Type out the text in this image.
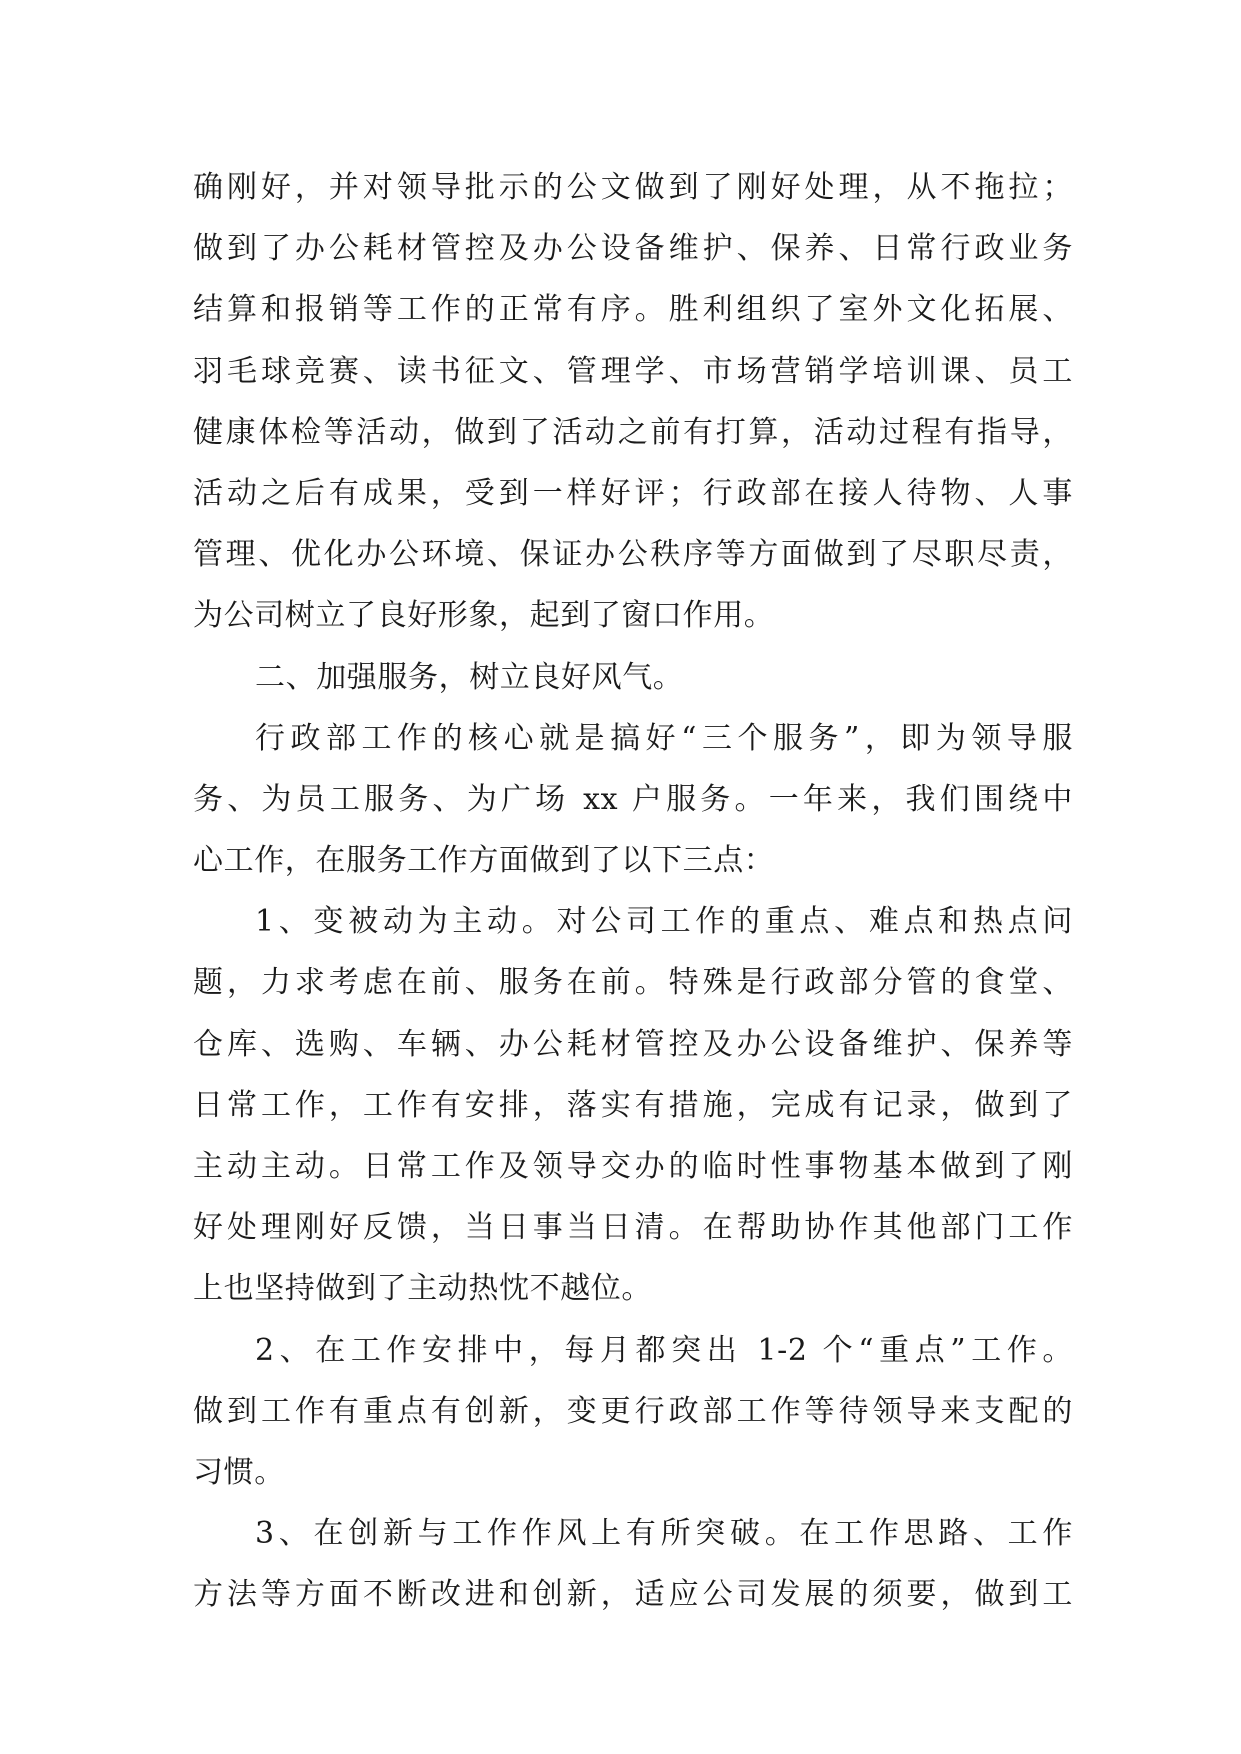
确刚好，并对领导批示的公文做到了刚好处理，从不拖拉；
做到了办公耗材管控及办公设备维护、保养、日常行政业务
结算和报销等工作的正常有序。胜利组织了室外文化拓展、
羽毛球竞赛、读书征文、管理学、市场营销学培训课、员工
健康体检等活动，做到了活动之前有打算，活动过程有指导，
活动之后有成果，受到一样好评；行政部在接人待物、人事
管理、优化办公环境、保证办公秩序等方面做到了尽职尽责，
为公司树立了良好形象，起到了窗口作用。
二、加强服务，树立良好风气。
行政部工作的核心就是搞好“三个服务”，即为领导服
务、为员工服务、为广场 xx 户服务。一年来，我们围绕中
心工作，在服务工作方面做到了以下三点：
1、变被动为主动。对公司工作的重点、难点和热点问
题，力求考虑在前、服务在前。特殊是行政部分管的食堂、
仓库、选购、车辆、办公耗材管控及办公设备维护、保养等
日常工作，工作有安排，落实有措施，完成有记录，做到了
主动主动。日常工作及领导交办的临时性事物基本做到了刚
好处理刚好反馈，当日事当日清。在帮助协作其他部门工作
上也坚持做到了主动热忱不越位。
2、在工作安排中，每月都突出 1-2 个“重点”工作。
做到工作有重点有创新，变更行政部工作等待领导来支配的
习惯。
3、在创新与工作作风上有所突破。在工作思路、工作
方法等方面不断改进和创新，适应公司发展的须要，做到工
